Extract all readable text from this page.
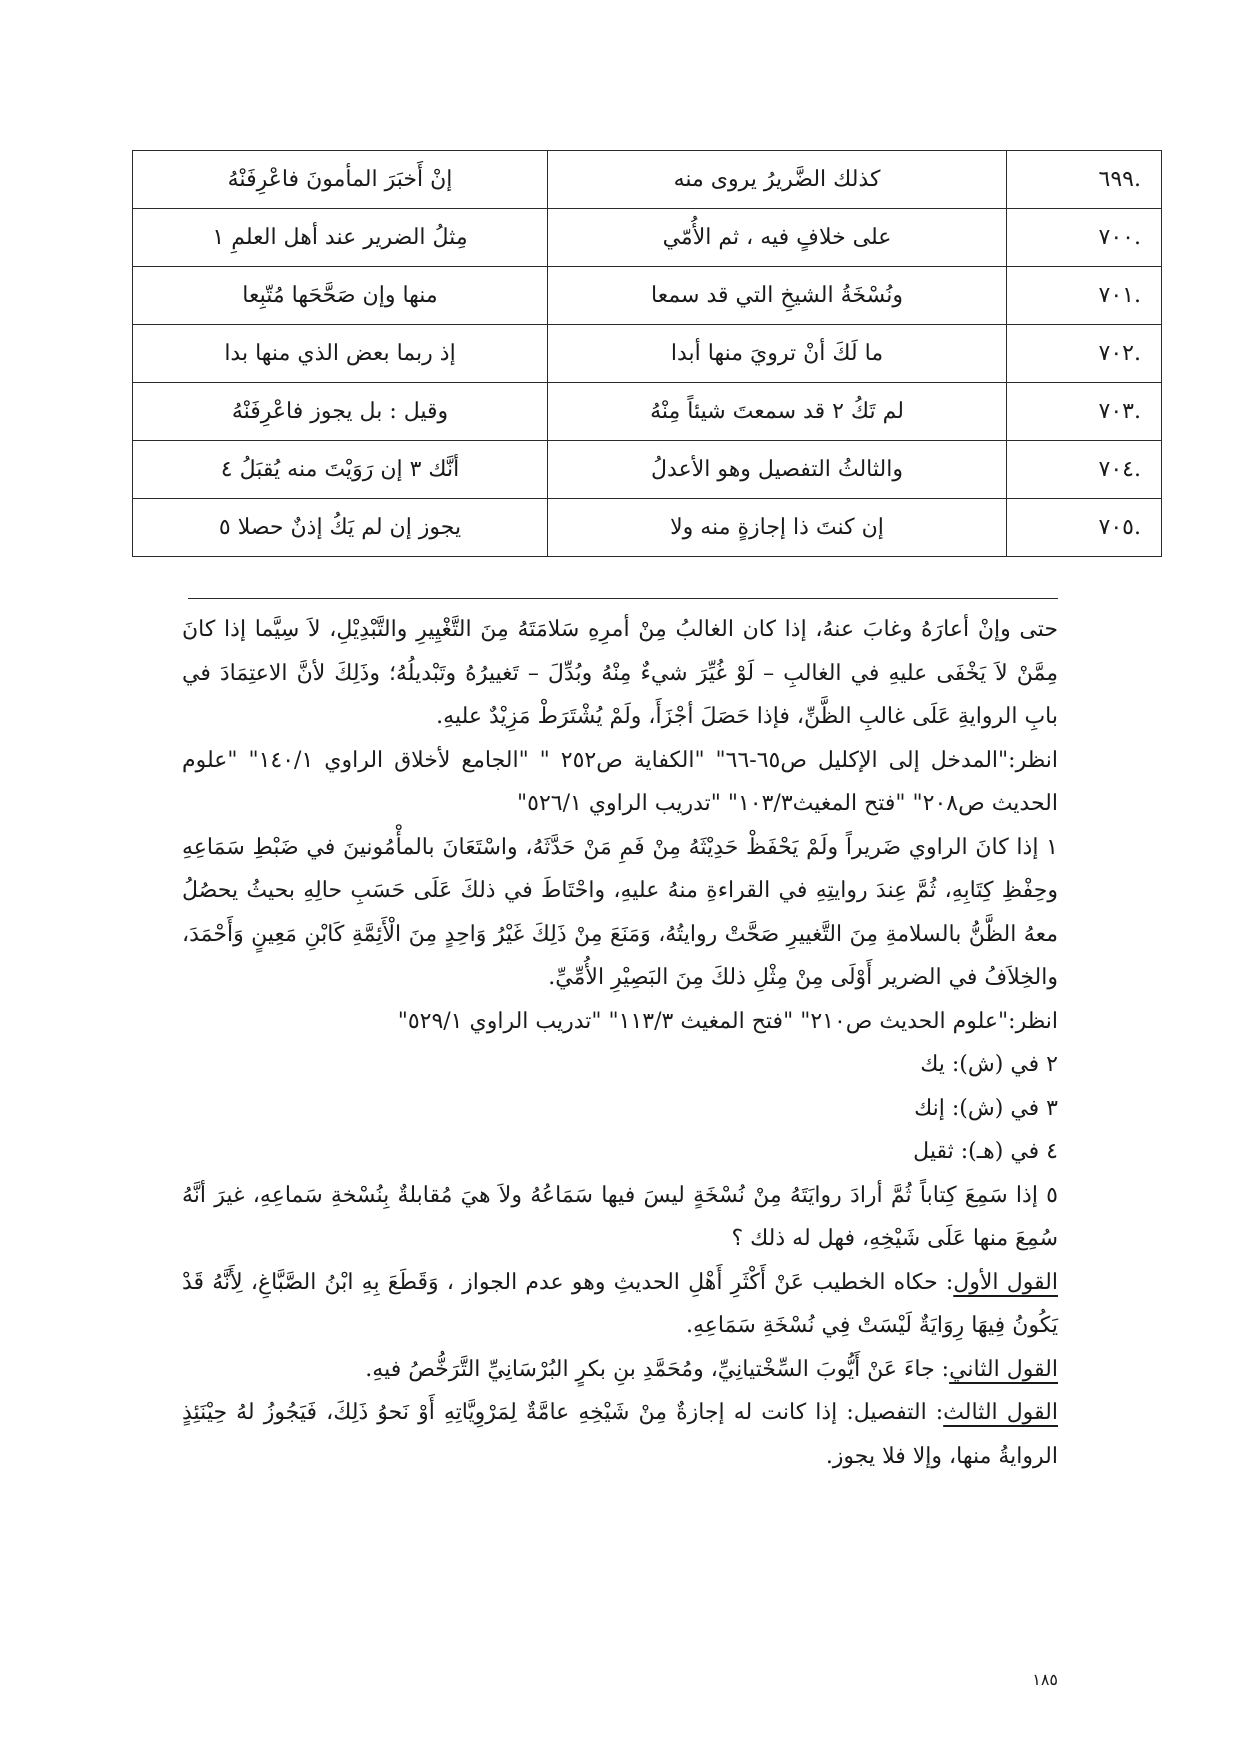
.٦٩٩	كذلك الضَّريرُ يروى منه	إنْ أَخبَرَ المأمونَ فاعْرِفَنْهُ
.٧٠٠	على خلافٍ فيه ، ثم الأُمّي	مِثلُ الضرير عند أهل العلمِ ١
.٧٠١	ونُسْخَةُ الشيخِ التي قد سمعا	منها وإن صَحَّحَها مُتّبِعا
.٧٠٢	ما لَكَ أنْ ترويَ منها أبدا	إذ ربما بعض الذي منها بدا
.٧٠٣	لم تَكُ ٢ قد سمعتَ شيئاً مِنْهُ	وقيل : بل يجوز فاعْرِفَنْهُ
.٧٠٤	والثالثُ التفصيل وهو الأعدلُ	أنَّك ٣ إن رَوَيْتَ منه يُقبَلُ ٤
.٧٠٥	إن كنتَ ذا إجازةٍ منه ولا	يجوز إن لم يَكُ إذنٌ حصلا ٥

حتى وإنْ أعارَهُ وغابَ عنهُ، إذا كان الغالبُ مِنْ أمرِهِ سَلامَتَهُ مِنَ التَّغْيِيرِ والتَّبْدِيْلِ، لاَ سِيَّما إذا كانَ مِمَّنْ لاَ يَخْفَى عليهِ في الغالبِ – لَوْ غُيِّرَ شيءٌ مِنْهُ وبُدِّلَ – تَغييرُهُ وتَبْديلُهُ؛ وذَلِكَ لأنَّ الاعتِمَادَ في بابِ الروايةِ عَلَى غالبِ الظَّنِّ، فإذا حَصَلَ أجْزَأَ، ولَمْ يُشْتَرَطْ مَزِيْدٌ عليهِ.

انظر:"المدخل إلى الإكليل ص٦٥-٦٦" "الكفاية ص٢٥٢ " "الجامع لأخلاق الراوي ١٤٠/١" "علوم الحديث ص٢٠٨" "فتح المغيث١٠٣/٣" "تدريب الراوي ٥٢٦/١"

١ إذا كانَ الراوي ضَريراً ولَمْ يَحْفَظْ حَدِيْثَهُ مِنْ فَمِ مَنْ حَدَّثَهُ، واسْتَعَانَ بالمأْمُونينَ في ضَبْطِ سَمَاعِهِ وحِفْظِ كِتَابِهِ، ثُمَّ عِندَ روايتِهِ في القراءةِ منهُ عليهِ، واحْتَاطَ في ذلكَ عَلَى حَسَبِ حالِهِ بحيثُ يحصُلُ معهُ الظَّنُّ بالسلامةِ مِنَ التَّغييرِ صَحَّتْ روايتُهُ، وَمَنَعَ مِنْ ذَلِكَ غَيْرُ وَاحِدٍ مِنَ الْأَئِمَّةِ كَابْنِ مَعِينٍ وَأَحْمَدَ، والخِلاَفُ في الضرير أَوْلَى مِنْ مِثْلِ ذلكَ مِنَ البَصِيْرِ الأُمِّيِّ.

انظر:"علوم الحديث ص٢١٠" "فتح المغيث ١١٣/٣" "تدريب الراوي ٥٢٩/١"

٢ في (ش): يك

٣ في (ش): إنك

٤ في (هـ): ثقيل

٥ إذا سَمِعَ كِتاباً ثُمَّ أرادَ روايَتَهُ مِنْ نُسْخَةٍ ليسَ فيها سَمَاعُهُ ولاَ هيَ مُقابلةٌ بِنُسْخةِ سَماعِهِ، غيرَ أنَّهُ سُمِعَ منها عَلَى شَيْخِهِ، فهل له ذلك ؟

القول الأول: حكاه الخطيب عَنْ أَكْثَرِ أَهْلِ الحديثِ وهو عدم الجواز ، وَقَطَعَ بِهِ ابْنُ الصَّبَّاغِ، لِأَنَّهُ قَدْ يَكُونُ فِيهَا رِوَايَةٌ لَيْسَتْ فِي نُسْخَةِ سَمَاعِهِ.

القول الثاني: جاءَ عَنْ أَيُّوبَ السِّخْتيانِيِّ، ومُحَمَّدِ بنِ بكرٍ البُرْسَانِيِّ التَّرَخُّصُ فيهِ.

القول الثالث: التفصيل: إذا كانت له إجازةٌ مِنْ شَيْخِهِ عامَّةٌ لِمَرْوِيَّاتِهِ أَوْ نَحوُ ذَلِكَ، فَيَجُوزُ لهُ حِيْنَئِذٍ الروايةُ منها، وإلا فلا يجوز.

١٨٥
